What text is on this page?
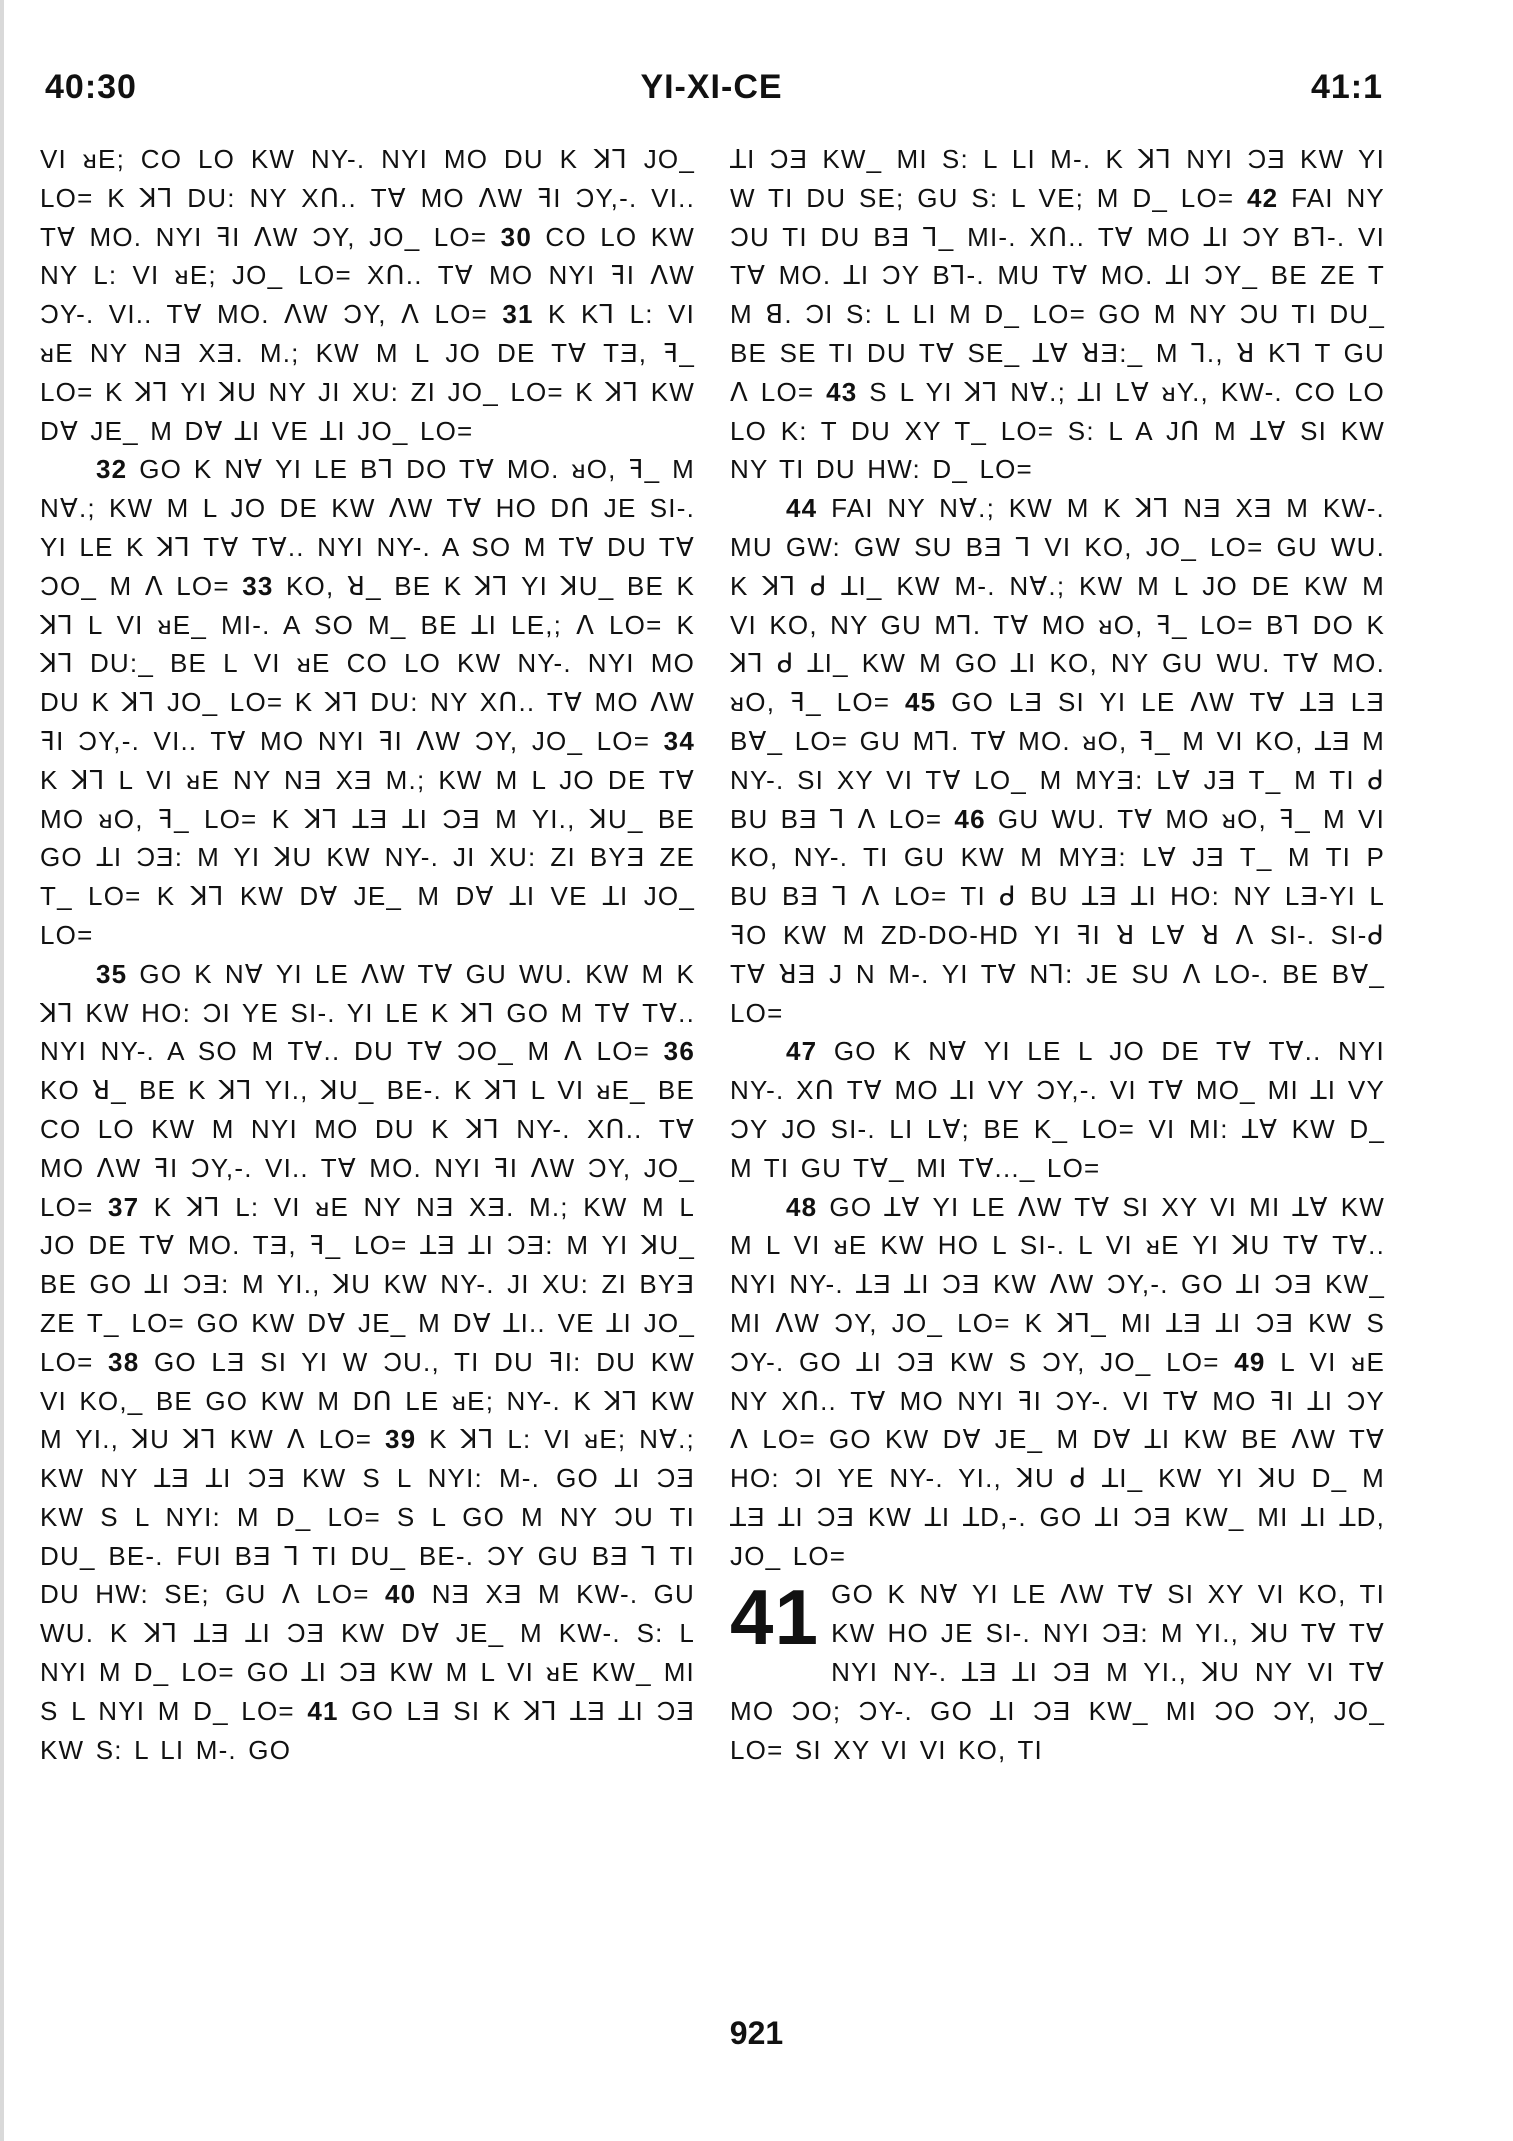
40:30	YI-XI-CE	41:1

VI ᴚE; CO LO KW NY-. NYI MO DU K ꓘ⅂ JO_ LO= K ꓘ⅂ DU: NY XՈ.. Tꓯ MO ꓥW ꟻI ϽY,-. VI.. Tꓯ MO. NYI ꟻI ꓥW ϽY, JO_ LO= 30 CO LO KW NY L: VI ᴚE; JO_ LO= XՈ.. Tꓯ MO NYI ꟻI ꓥW ϽY-. VI.. Tꓯ MO. ꓥW ϽY, ꓥ LO= 31 K K⅂ L: VI ᴚE NY NƎ XƎ. M.; KW M L JO DE Tꓯ TƎ, ꟻ_ LO= K ꓘ⅂ YI ꓘU NY JI XU: ZI JO_ LO= K ꓘ⅂ KW Dꓯ JE_ M Dꓯ ꓕI VE ꓕI JO_ LO=

32 GO K Nꓯ YI LE B⅂ DO Tꓯ MO. ᴚO, ꟻ_ M Nꓯ.; KW M L JO DE KW ꓥW Tꓯ HO DՈ JE SI-. YI LE K ꓘ⅂ Tꓯ Tꓯ.. NYI NY-. A SO M Tꓯ DU Tꓯ ϽO_ M ꓥ LO= 33 KO, ꓤ_ BE K ꓘ⅂ YI ꓘU_ BE K ꓘ⅂ L VI ᴚE_ MI-. A SO M_ BE ꓕI LE,; ꓥ LO= K ꓘ⅂ DU:_ BE L VI ᴚE CO LO KW NY-. NYI MO DU K ꓘ⅂ JO_ LO= K ꓘ⅂ DU: NY XՈ.. Tꓯ MO ꓥW ꟻI ϽY,-. VI.. Tꓯ MO NYI ꟻI ꓥW ϽY, JO_ LO= 34 K ꓘ⅂ L VI ᴚE NY NƎ XƎ M.; KW M L JO DE Tꓯ MO ᴚO, ꟻ_ LO= K ꓘ⅂ ꓕƎ ꓕI ϽƎ M YI., ꓘU_ BE GO ꓕI ϽƎ: M YI ꓘU KW NY-. JI XU: ZI BYƎ ZE T_ LO= K ꓘ⅂ KW Dꓯ JE_ M Dꓯ ꓕI VE ꓕI JO_ LO=

35 GO K Nꓯ YI LE ꓥW Tꓯ GU WU. KW M K ꓘ⅂ KW HO: ϽI YE SI-. YI LE K ꓘ⅂ GO M Tꓯ Tꓯ.. NYI NY-. A SO M Tꓯ.. DU Tꓯ ϽO_ M ꓥ LO= 36 KO ꓤ_ BE K ꓘ⅂ YI., ꓘU_ BE-. K ꓘ⅂ L VI ᴚE_ BE CO LO KW M NYI MO DU K ꓘ⅂ NY-. XՈ.. Tꓯ MO ꓥW ꟻI ϽY,-. VI.. Tꓯ MO. NYI ꟻI ꓥW ϽY, JO_ LO= 37 K ꓘ⅂ L: VI ᴚE NY NƎ XƎ. M.; KW M L JO DE Tꓯ MO. TƎ, ꟻ_ LO= ꓕƎ ꓕI ϽƎ: M YI ꓘU_ BE GO ꓕI ϽƎ: M YI., ꓘU KW NY-. JI XU: ZI BYƎ ZE T_ LO= GO KW Dꓯ JE_ M Dꓯ ꓕI.. VE ꓕI JO_ LO= 38 GO LƎ SI YI W ϽU., TI DU ꟻI: DU KW VI KO,_ BE GO KW M DՈ LE ᴚE; NY-. K ꓘ⅂ KW M YI., ꓘU ꓘ⅂ KW ꓥ LO= 39 K ꓘ⅂ L: VI ᴚE; Nꓯ.; KW NY ꓕƎ ꓕI ϽƎ KW S L NYI: M-. GO ꓕI ϽƎ KW S L NYI: M D_ LO= S L GO M NY ϽU TI DU_ BE-. FUI BƎ ⅂ TI DU_ BE-. ϽY GU BƎ ⅂ TI DU HW: SE; GU ꓥ LO= 40 NƎ XƎ M KW-. GU WU. K ꓘ⅂ ꓕƎ ꓕI ϽƎ KW Dꓯ JE_ M KW-. S: L NYI M D_ LO= GO ꓕI ϽƎ KW M L VI ᴚE KW_ MI S L NYI M D_ LO= 41 GO LƎ SI K ꓘ⅂ ꓕƎ ꓕI ϽƎ KW S: L LI M-. GO

ꓕI ϽƎ KW_ MI S: L LI M-. K ꓘ⅂ NYI ϽƎ KW YI W TI DU SE; GU S: L VE; M D_ LO= 42 FAI NY ϽU TI DU BƎ ⅂_ MI-. XՈ.. Tꓯ MO ꓕI ϽY B⅂-. VI Tꓯ MO. ꓕI ϽY B⅂-. MU Tꓯ MO. ꓕI ϽY_ BE ZE T M ꓭ. ϽI S: L LI M D_ LO= GO M NY ϽU TI DU_ BE SE TI DU Tꓯ SE_ ꓕꓯ ꓤƎ:_ M ⅂., ꓤ K⅂ T GU ꓥ LO= 43 S L YI ꓘ⅂ Nꓯ.; ꓕI Lꓯ ᴚY., KW-. CO LO LO K: T DU XY T_ LO= S: L A JՈ M ꓕꓯ SI KW NY TI DU HW: D_ LO=

44 FAI NY Nꓯ.; KW M K ꓘ⅂ NƎ XƎ M KW-. MU GW: GW SU BƎ ⅂ VI KO, JO_ LO= GU WU. K ꓘ⅂ ᑯ ꓕI_ KW M-. Nꓯ.; KW M L JO DE KW M VI KO, NY GU M⅂. Tꓯ MO ᴚO, ꟻ_ LO= B⅂ DO K ꓘ⅂ ᑯ ꓕI_ KW M GO ꓕI KO, NY GU WU. Tꓯ MO. ᴚO, ꟻ_ LO= 45 GO LƎ SI YI LE ꓥW Tꓯ ꓕƎ LƎ Bꓯ_ LO= GU M⅂. Tꓯ MO. ᴚO, ꟻ_ M VI KO, ꓕƎ M NY-. SI XY VI Tꓯ LO_ M MYƎ: Lꓯ JƎ T_ M TI ᑯ BU BƎ ⅂ ꓥ LO= 46 GU WU. Tꓯ MO ᴚO, ꟻ_ M VI KO, NY-. TI GU KW M MYƎ: Lꓯ JƎ T_ M TI P BU BƎ ⅂ ꓥ LO= TI ᑯ BU ꓕƎ ꓕI HO: NY LƎ-YI L ꟻO KW M ZD-DO-HD YI ꟻI ꓤ Lꓯ ꓤ ꓥ SI-. SI-ᑯ Tꓯ ꓤƎ J N M-. YI Tꓯ N⅂: JE SU ꓥ LO-. BE Bꓯ_ LO=

47 GO K Nꓯ YI LE L JO DE Tꓯ Tꓯ.. NYI NY-. XՈ Tꓯ MO ꓕI VY ϽY,-. VI Tꓯ MO_ MI ꓕI VY ϽY JO SI-. LI Lꓯ; BE K_ LO= VI MI: ꓕꓯ KW D_ M TI GU Tꓯ_ MI Tꓯ..._ LO=

48 GO ꓕꓯ YI LE ꓥW Tꓯ SI XY VI MI ꓕꓯ KW M L VI ᴚE KW HO L SI-. L VI ᴚE YI ꓘU Tꓯ Tꓯ.. NYI NY-. ꓕƎ ꓕI ϽƎ KW ꓥW ϽY,-. GO ꓕI ϽƎ KW_ MI ꓥW ϽY, JO_ LO= K ꓘ⅂_ MI ꓕƎ ꓕI ϽƎ KW S ϽY-. GO ꓕI ϽƎ KW S ϽY, JO_ LO= 49 L VI ᴚE NY XՈ.. Tꓯ MO NYI ꟻI ϽY-. VI Tꓯ MO ꟻI ꓕI ϽY ꓥ LO= GO KW Dꓯ JE_ M Dꓯ ꓕI KW BE ꓥW Tꓯ HO: ϽI YE NY-. YI., ꓘU ᑯ ꓕI_ KW YI ꓘU D_ M ꓕƎ ꓕI ϽƎ KW ꓕI ꓕD,-. GO ꓕI ϽƎ KW_ MI ꓕI ꓕD, JO_ LO=

41 GO K Nꓯ YI LE ꓥW Tꓯ SI XY VI KO, TI KW HO JE SI-. NYI ϽƎ: M YI., ꓘU Tꓯ Tꓯ NYI NY-. ꓕƎ ꓕI ϽƎ M YI., ꓘU NY VI Tꓯ MO ϽO; ϽY-. GO ꓕI ϽƎ KW_ MI ϽO ϽY, JO_ LO= SI XY VI VI KO, TI

921
